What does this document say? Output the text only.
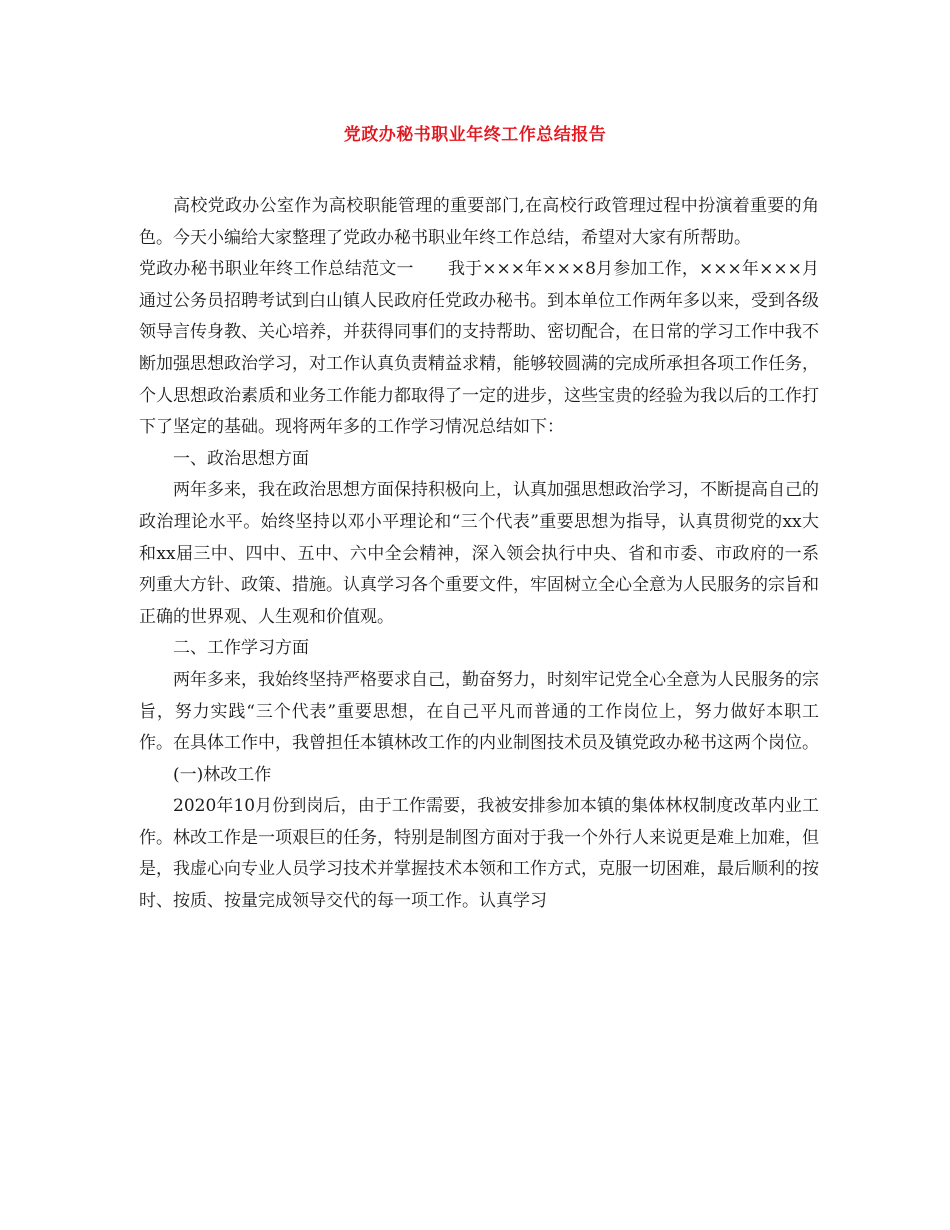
党政办秘书职业年终工作总结报告

高校党政办公室作为高校职能管理的重要部门,在高校行政管理过程中扮演着重要的角色。今天小编给大家整理了党政办秘书职业年终工作总结，希望对大家有所帮助。

党政办秘书职业年终工作总结范文一　　我于×××年×××8月参加工作，×××年×××月通过公务员招聘考试到白山镇人民政府任党政办秘书。到本单位工作两年多以来，受到各级领导言传身教、关心培养，并获得同事们的支持帮助、密切配合，在日常的学习工作中我不断加强思想政治学习，对工作认真负责精益求精，能够较圆满的完成所承担各项工作任务，个人思想政治素质和业务工作能力都取得了一定的进步，这些宝贵的经验为我以后的工作打下了坚定的基础。现将两年多的工作学习情况总结如下：

一、政治思想方面

两年多来，我在政治思想方面保持积极向上，认真加强思想政治学习，不断提高自己的政治理论水平。始终坚持以邓小平理论和“三个代表”重要思想为指导，认真贯彻党的xx大和xx届三中、四中、五中、六中全会精神，深入领会执行中央、省和市委、市政府的一系列重大方针、政策、措施。认真学习各个重要文件，牢固树立全心全意为人民服务的宗旨和正确的世界观、人生观和价值观。

二、工作学习方面

两年多来，我始终坚持严格要求自己，勤奋努力，时刻牢记党全心全意为人民服务的宗旨，努力实践“三个代表”重要思想，在自己平凡而普通的工作岗位上，努力做好本职工作。在具体工作中，我曾担任本镇林改工作的内业制图技术员及镇党政办秘书这两个岗位。

(一)林改工作

2020年10月份到岗后，由于工作需要，我被安排参加本镇的集体林权制度改革内业工作。林改工作是一项艰巨的任务，特别是制图方面对于我一个外行人来说更是难上加难，但是，我虚心向专业人员学习技术并掌握技术本领和工作方式，克服一切困难，最后顺利的按时、按质、按量完成领导交代的每一项工作。认真学习
